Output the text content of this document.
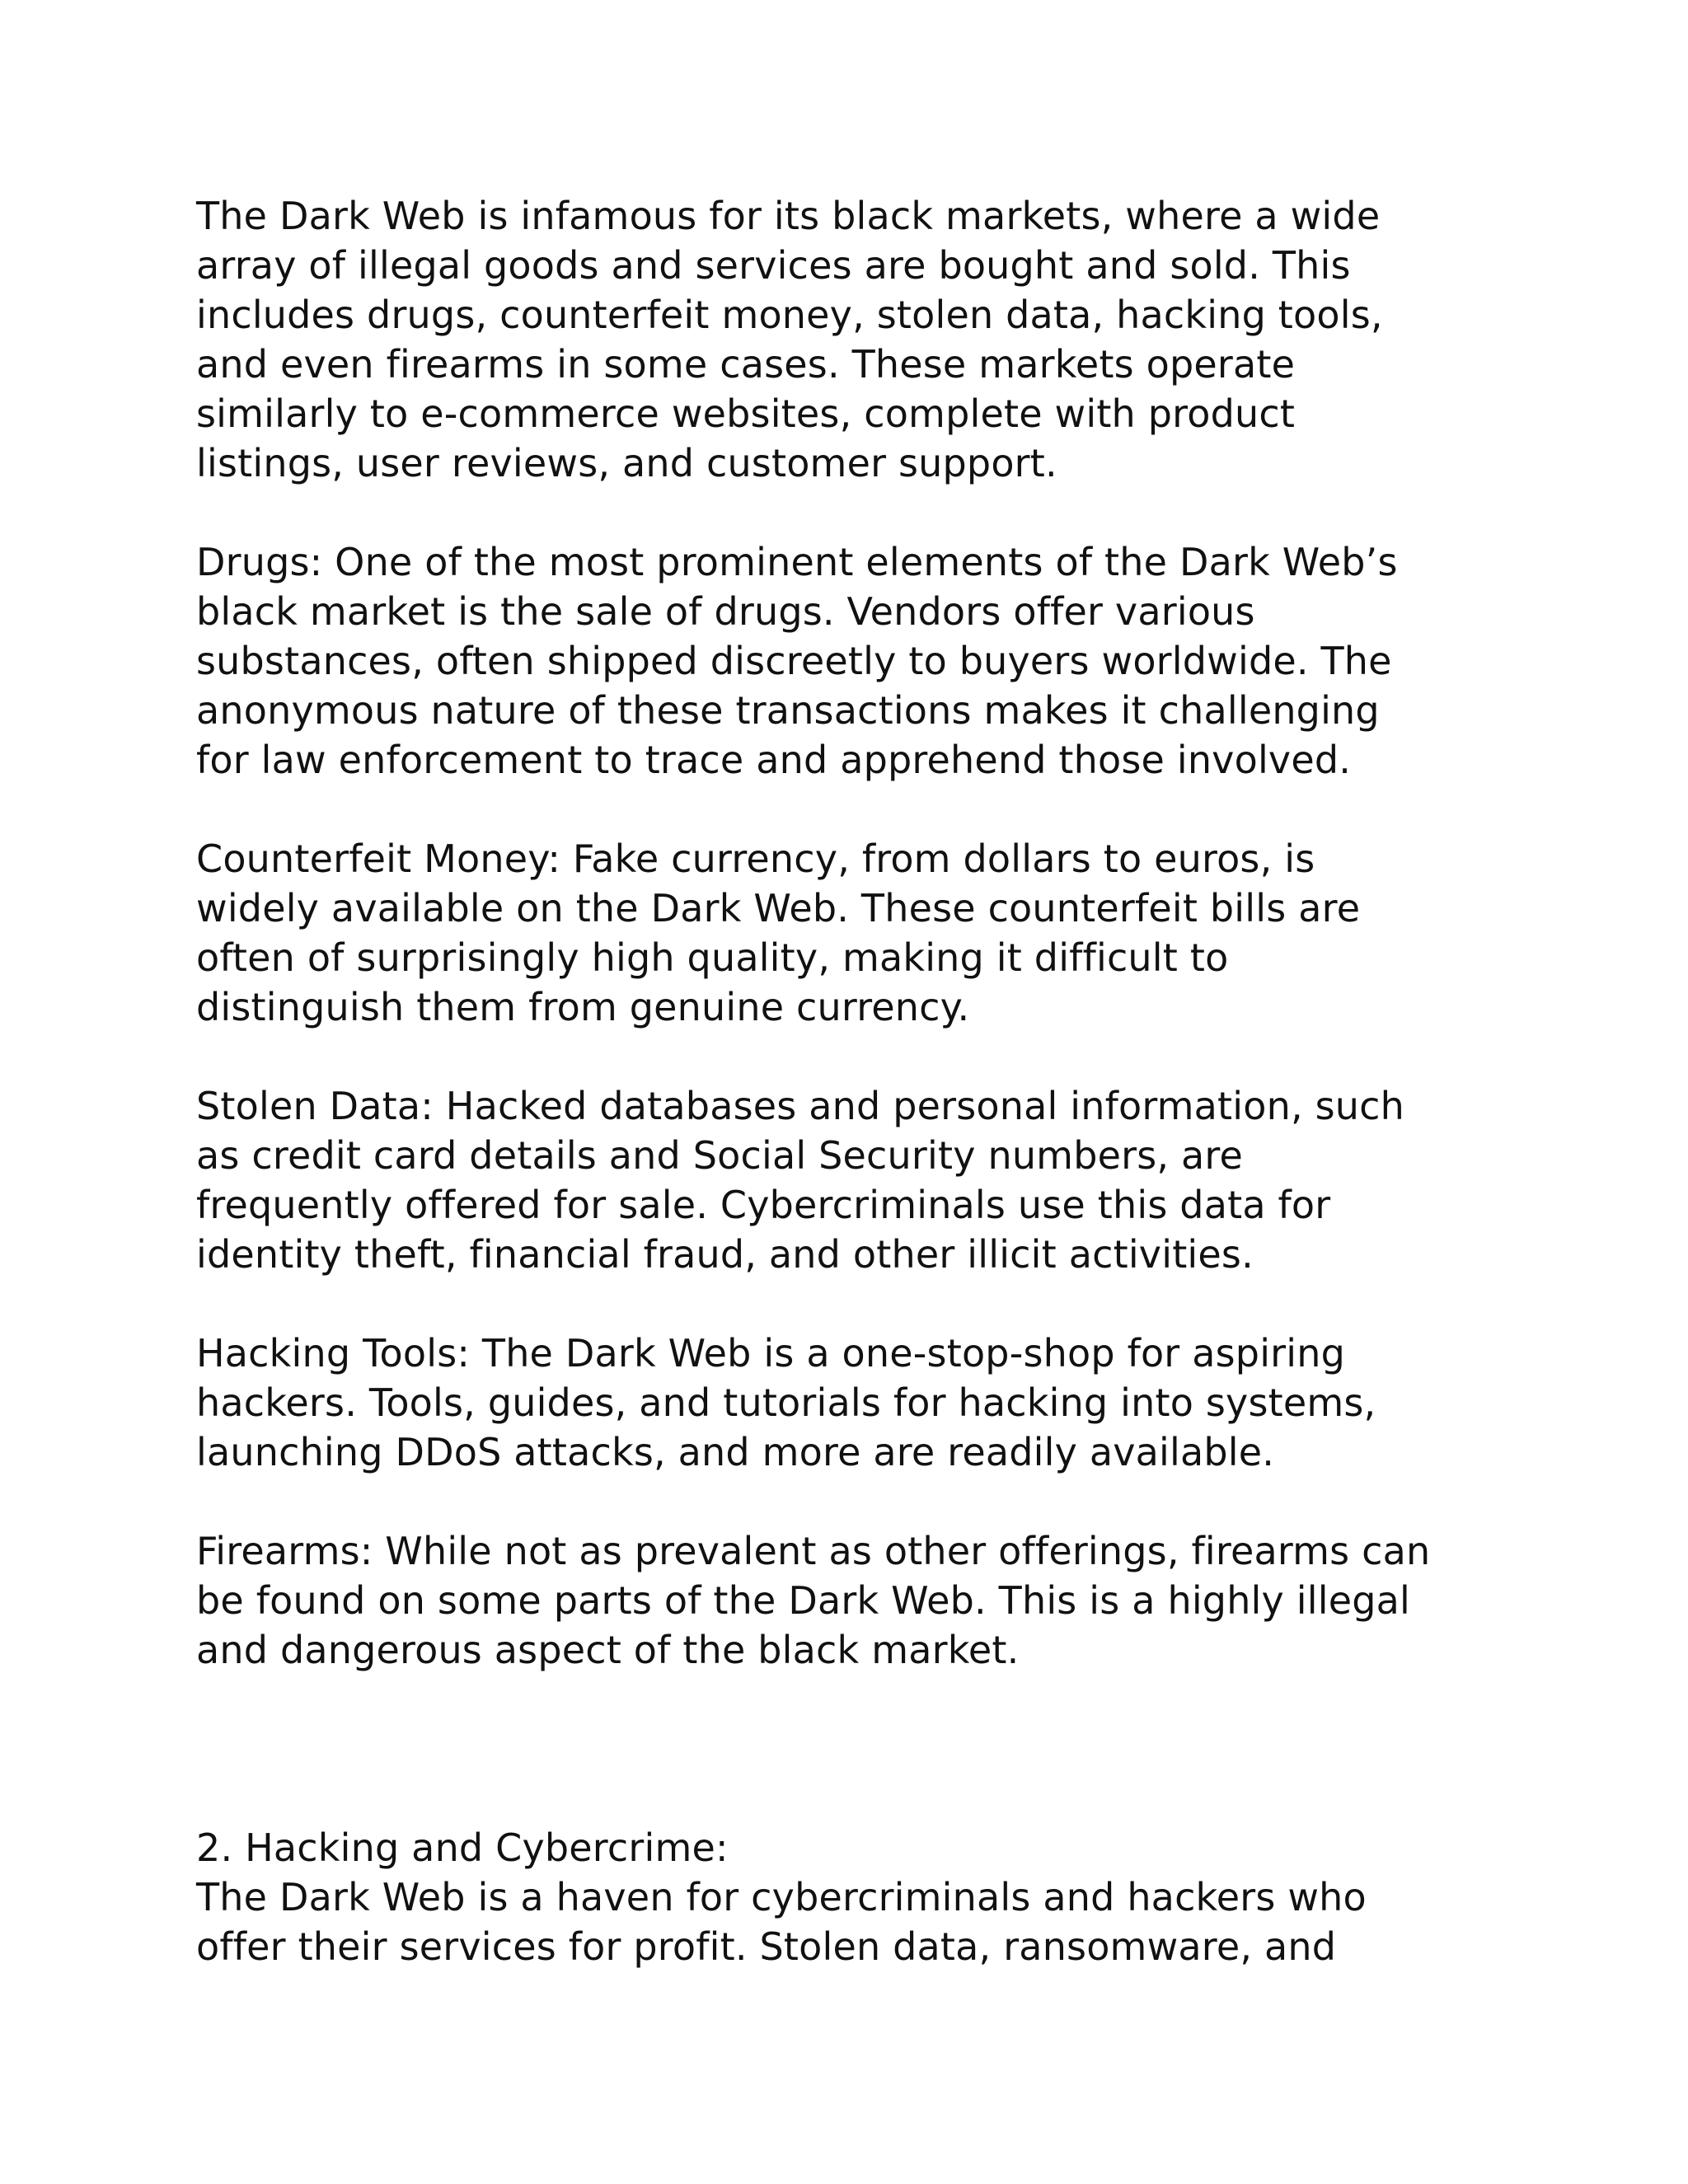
The Dark Web is infamous for its black markets, where a wide
array of illegal goods and services are bought and sold. This
includes drugs, counterfeit money, stolen data, hacking tools,
and even firearms in some cases. These markets operate
similarly to e-commerce websites, complete with product
listings, user reviews, and customer support.

Drugs: One of the most prominent elements of the Dark Web’s
black market is the sale of drugs. Vendors offer various
substances, often shipped discreetly to buyers worldwide. The
anonymous nature of these transactions makes it challenging
for law enforcement to trace and apprehend those involved.

Counterfeit Money: Fake currency, from dollars to euros, is
widely available on the Dark Web. These counterfeit bills are
often of surprisingly high quality, making it difficult to
distinguish them from genuine currency.

Stolen Data: Hacked databases and personal information, such
as credit card details and Social Security numbers, are
frequently offered for sale. Cybercriminals use this data for
identity theft, financial fraud, and other illicit activities.

Hacking Tools: The Dark Web is a one-stop-shop for aspiring
hackers. Tools, guides, and tutorials for hacking into systems,
launching DDoS attacks, and more are readily available.

Firearms: While not as prevalent as other offerings, firearms can
be found on some parts of the Dark Web. This is a highly illegal
and dangerous aspect of the black market.

2. Hacking and Cybercrime:

The Dark Web is a haven for cybercriminals and hackers who
offer their services for profit. Stolen data, ransomware, and
